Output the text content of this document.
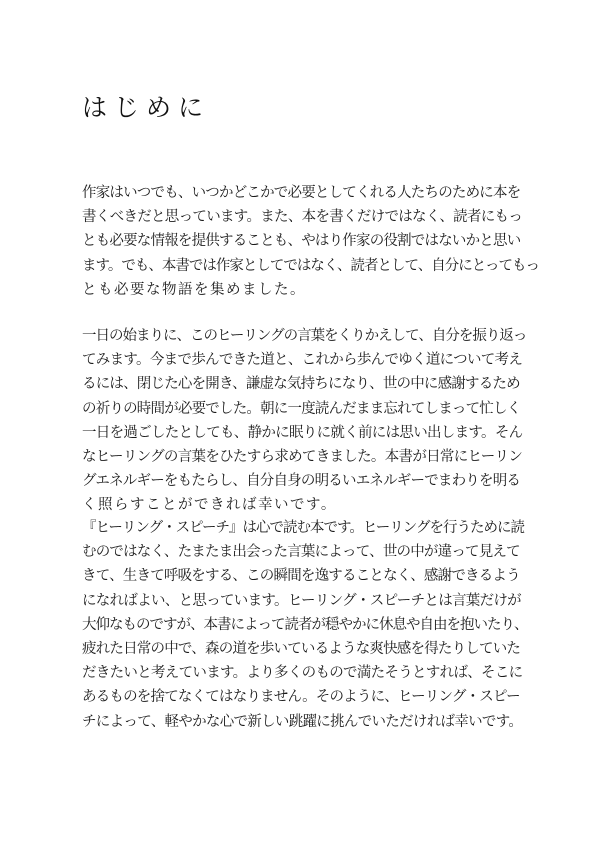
はじめに
作家はいつでも、いつかどこかで必要としてくれる人たちのために本を
書くべきだと思っています。また、本を書くだけではなく、読者にもっ
とも必要な情報を提供することも、やはり作家の役割ではないかと思い
ます。でも、本書では作家としてではなく、読者として、自分にとってもっ
とも必要な物語を集めました。
一日の始まりに、このヒーリングの言葉をくりかえして、自分を振り返っ
てみます。今まで歩んできた道と、これから歩んでゆく道について考え
るには、閉じた心を開き、謙虚な気持ちになり、世の中に感謝するため
の祈りの時間が必要でした。朝に一度読んだまま忘れてしまって忙しく
一日を過ごしたとしても、静かに眠りに就く前には思い出します。そん
なヒーリングの言葉をひたすら求めてきました。本書が日常にヒーリン
グエネルギーをもたらし、自分自身の明るいエネルギーでまわりを明る
く照らすことができれば幸いです。
『ヒーリング・スピーチ』は心で読む本です。ヒーリングを行うために読
むのではなく、たまたま出会った言葉によって、世の中が違って見えて
きて、生きて呼吸をする、この瞬間を逸することなく、感謝できるよう
になればよい、と思っています。ヒーリング・スピーチとは言葉だけが
大仰なものですが、本書によって読者が穏やかに休息や自由を抱いたり、
疲れた日常の中で、森の道を歩いているような爽快感を得たりしていた
だきたいと考えています。より多くのもので満たそうとすれば、そこに
あるものを捨てなくてはなりません。そのように、ヒーリング・スピー
チによって、軽やかな心で新しい跳躍に挑んでいただければ幸いです。
